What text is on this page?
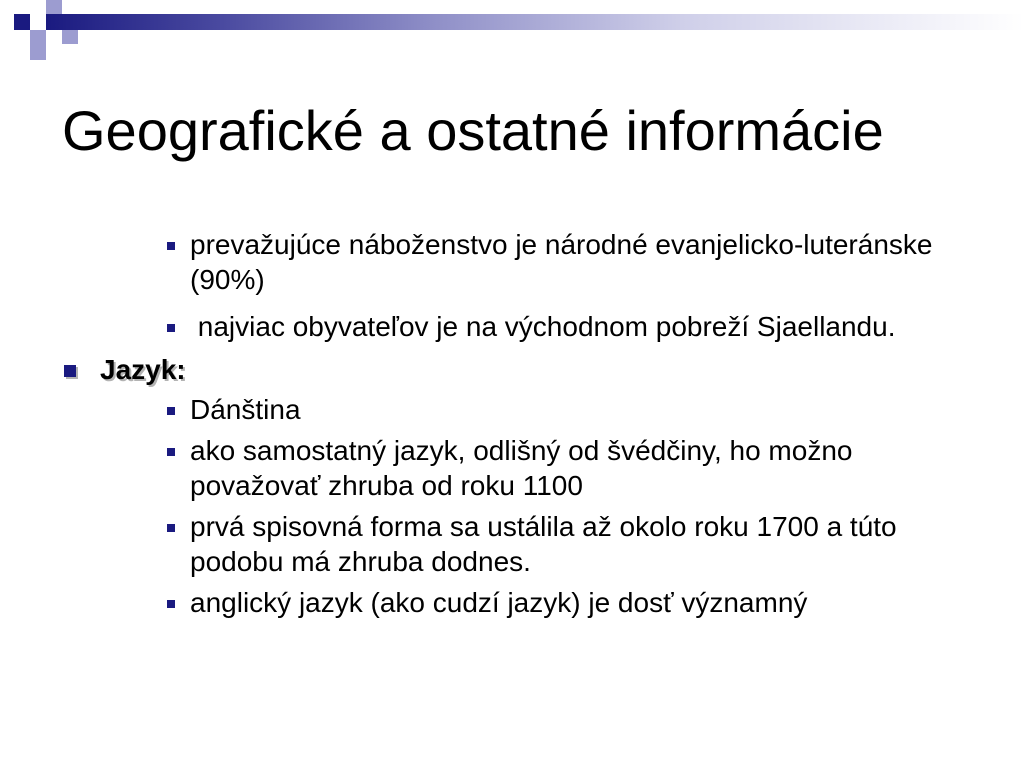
Geografické a ostatné informácie
prevažujúce náboženstvo je národné evanjelicko-luteránske (90%)
najviac obyvateľov je na východnom pobreží Sjaellandu.
Jazyk:
Dánština
ako samostatný jazyk, odlišný od švédčiny, ho možno považovať zhruba od roku 1100
prvá spisovná forma sa ustálila až okolo roku 1700 a túto podobu má zhruba dodnes.
anglický jazyk (ako cudzí jazyk) je dosť významný
